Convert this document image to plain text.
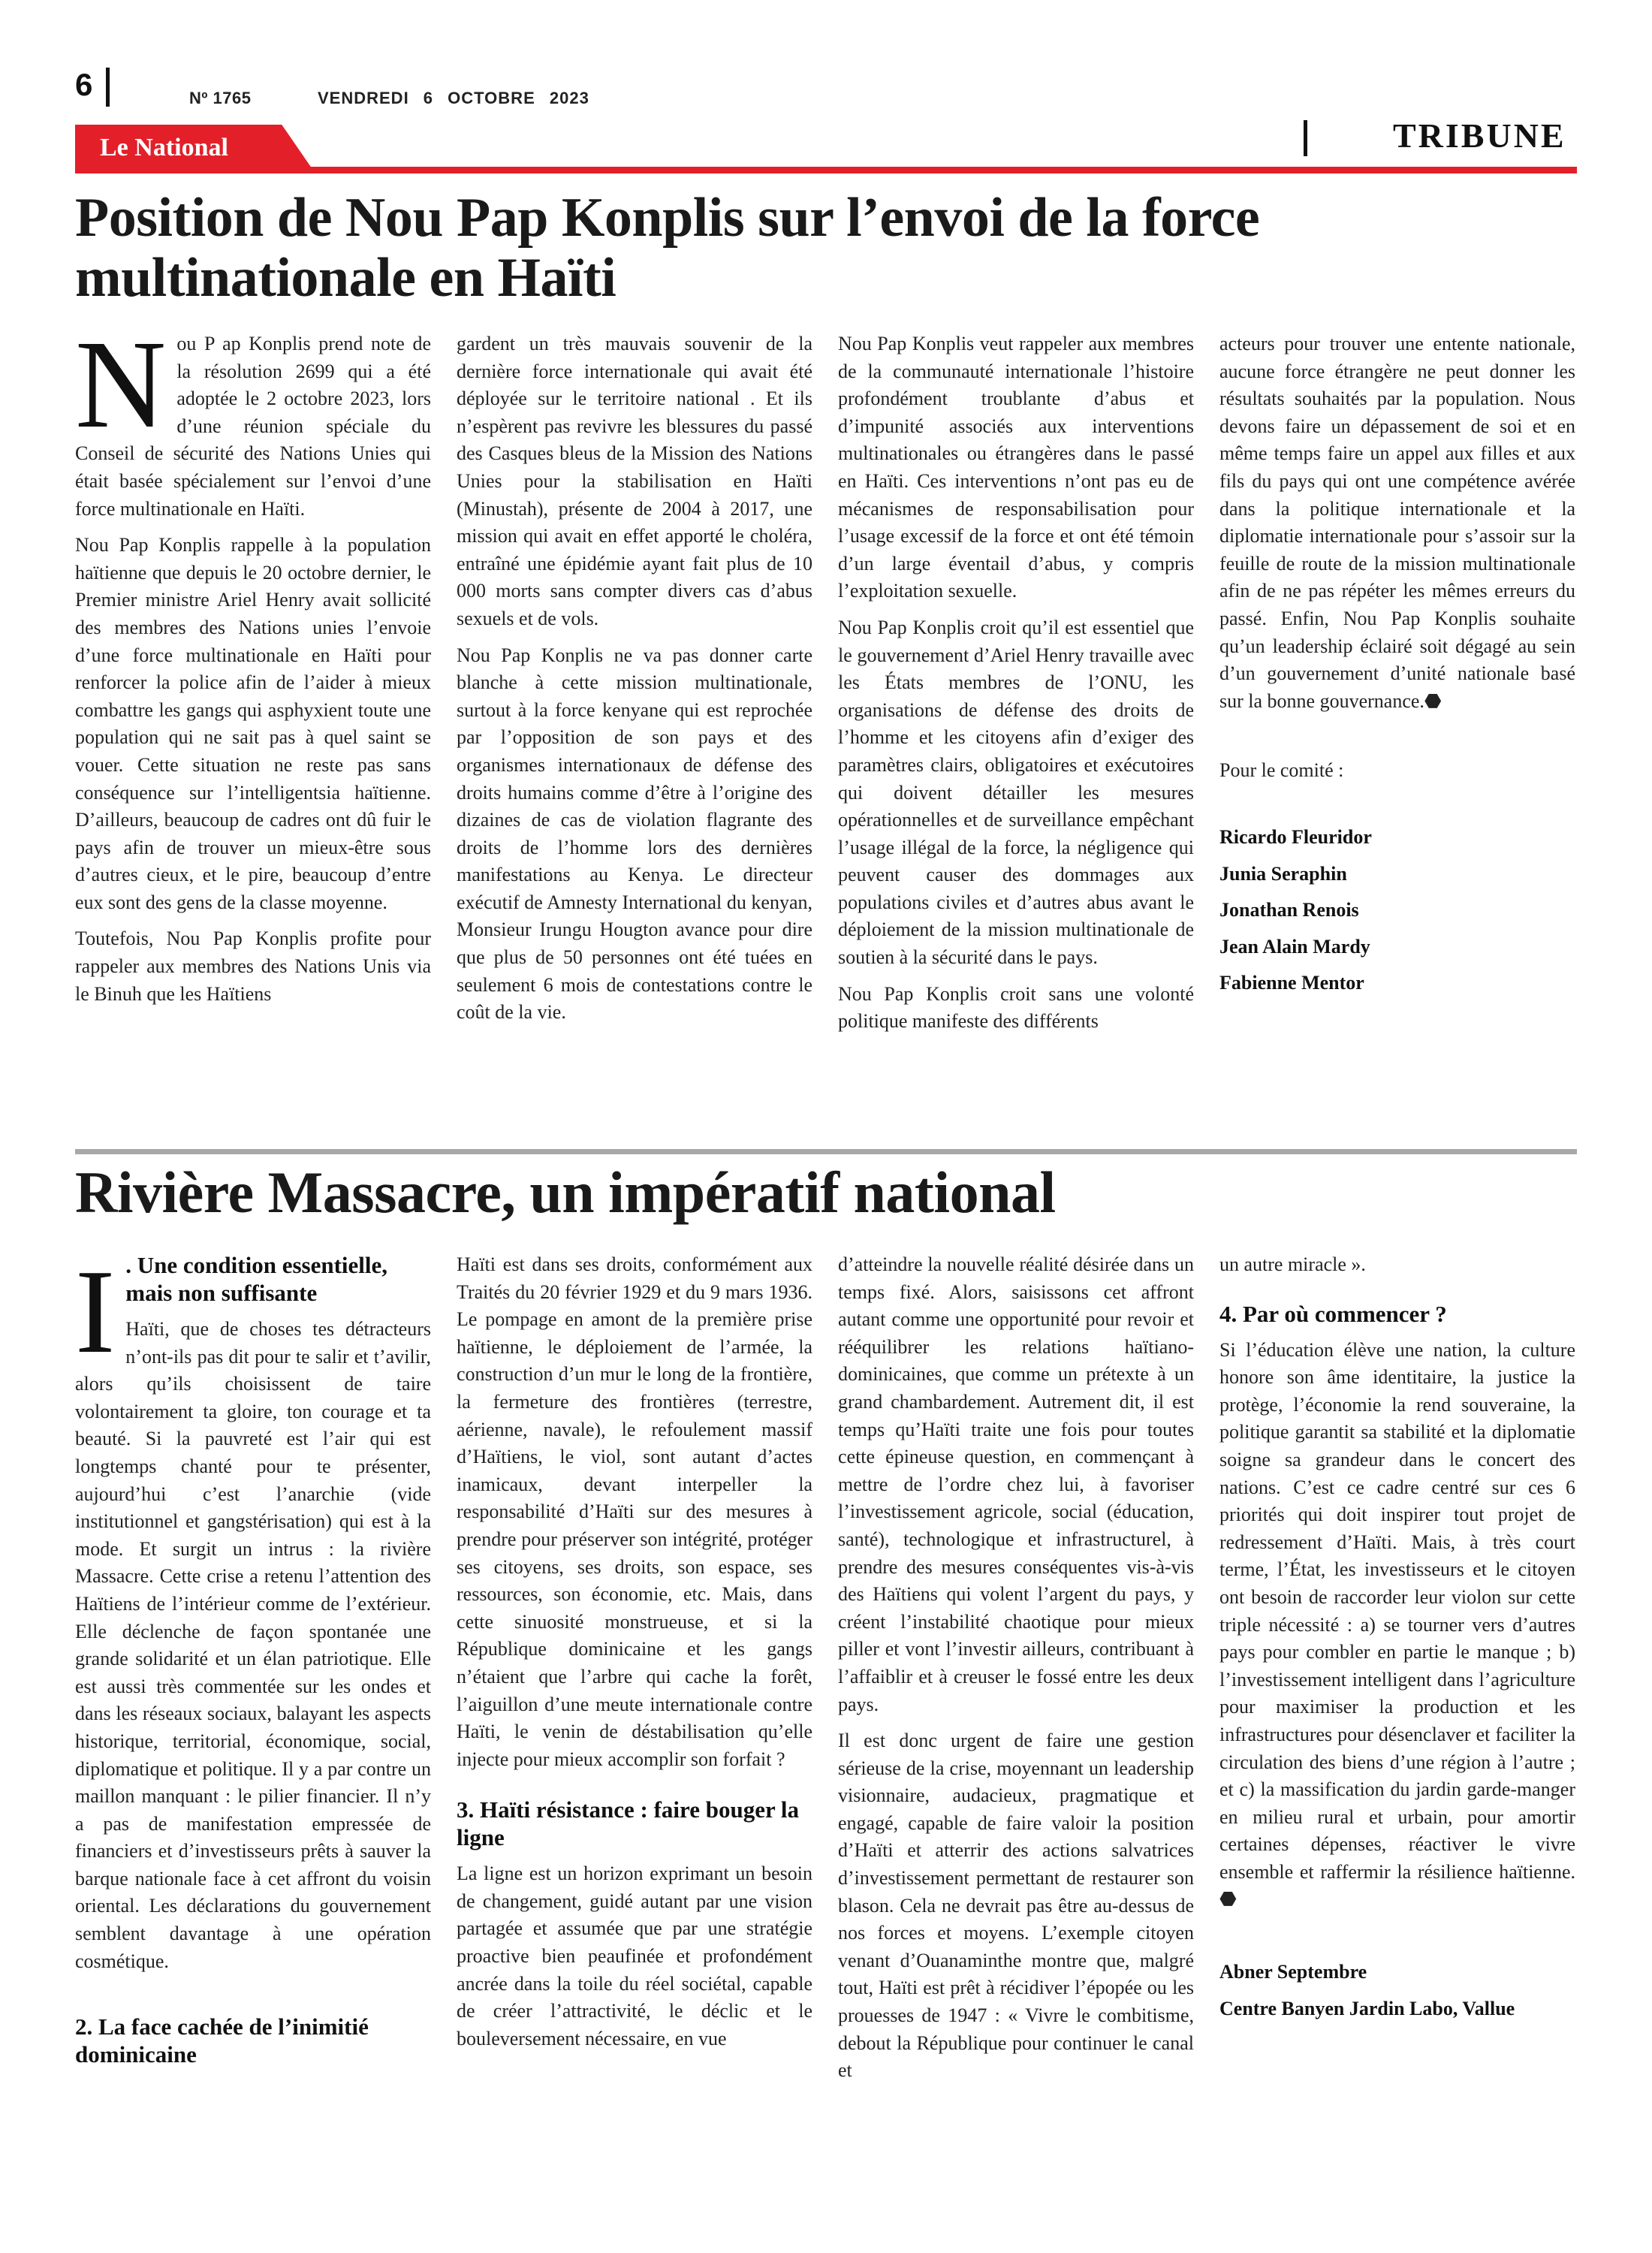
6	Nº 1765	VENDREDI 6 OCTOBRE 2023
Le National	TRIBUNE
Position de Nou Pap Konplis sur l’envoi de la force multinationale en Haïti
N ou P ap Konplis prend note de la résolution 2699 qui a été adoptée le 2 octobre 2023, lors d’une réunion spéciale du Conseil de sécurité des Nations Unies qui était basée spécialement sur l’envoi d’une force multinationale en Haïti.

Nou Pap Konplis rappelle à la population haïtienne que depuis le 20 octobre dernier, le Premier ministre Ariel Henry avait sollicité des membres des Nations unies l’envoie d’une force multinationale en Haïti pour renforcer la police afin de l’aider à mieux combattre les gangs qui asphyxient toute une population qui ne sait pas à quel saint se vouer. Cette situation ne reste pas sans conséquence sur l’intelligentsia haïtienne. D’ailleurs, beaucoup de cadres ont dû fuir le pays afin de trouver un mieux-être sous d’autres cieux, et le pire, beaucoup d’entre eux sont des gens de la classe moyenne.

Toutefois, Nou Pap Konplis profite pour rappeler aux membres des Nations Unis via le Binuh que les Haïtiens

gardent un très mauvais souvenir de la dernière force internationale qui avait été déployée sur le territoire national . Et ils n’espèrent pas revivre les blessures du passé des Casques bleus de la Mission des Nations Unies pour la stabilisation en Haïti (Minustah), présente de 2004 à 2017, une mission qui avait en effet apporté le choléra, entraîné une épidémie ayant fait plus de 10 000 morts sans compter divers cas d’abus sexuels et de vols.

Nou Pap Konplis ne va pas donner carte blanche à cette mission multinationale, surtout à la force kenyane qui est reprochée par l’opposition de son pays et des organismes internationaux de défense des droits humains comme d’être à l’origine des dizaines de cas de violation flagrante des droits de l’homme lors des dernières manifestations au Kenya. Le directeur exécutif de Amnesty International du kenyan, Monsieur Irungu Hougton avance pour dire que plus de 50 personnes ont été tuées en seulement 6 mois de contestations contre le coût de la vie.

Nou Pap Konplis veut rappeler aux membres de la communauté internationale l’histoire profondément troublante d’abus et d’impunité associés aux interventions multinationales ou étrangères dans le passé en Haïti. Ces interventions n’ont pas eu de mécanismes de responsabilisation pour l’usage excessif de la force et ont été témoin d’un large éventail d’abus, y compris l’exploitation sexuelle.

Nou Pap Konplis croit qu’il est essentiel que le gouvernement d’Ariel Henry travaille avec les États membres de l’ONU, les organisations de défense des droits de l’homme et les citoyens afin d’exiger des paramètres clairs, obligatoires et exécutoires qui doivent détailler les mesures opérationnelles et de surveillance empêchant l’usage illégal de la force, la négligence qui peuvent causer des dommages aux populations civiles et d’autres abus avant le déploiement de la mission multinationale de soutien à la sécurité dans le pays.

Nou Pap Konplis croit sans une volonté politique manifeste des différents

acteurs pour trouver une entente nationale, aucune force étrangère ne peut donner les résultats souhaités par la population. Nous devons faire un dépassement de soi et en même temps faire un appel aux filles et aux fils du pays qui ont une compétence avérée dans la politique internationale et la diplomatie internationale pour s’assoir sur la feuille de route de la mission multinationale afin de ne pas répéter les mêmes erreurs du passé. Enfin, Nou Pap Konplis souhaite qu’un leadership éclairé soit dégagé au sein d’un gouvernement d’unité nationale basé sur la bonne gouvernance.⬣

Pour le comité :

Ricardo Fleuridor

Junia Seraphin

Jonathan Renois

Jean Alain Mardy

Fabienne Mentor

Rivière Massacre, un impératif national
I . Une condition essentielle, mais non suffisante

Haïti, que de choses tes détracteurs n’ont-ils pas dit pour te salir et t’avilir, alors qu’ils choisissent de taire volontairement ta gloire, ton courage et ta beauté. Si la pauvreté est l’air qui est longtemps chanté pour te présenter, aujourd’hui c’est l’anarchie (vide institutionnel et gangstérisation) qui est à la mode. Et surgit un intrus : la rivière Massacre. Cette crise a retenu l’attention des Haïtiens de l’intérieur comme de l’extérieur. Elle déclenche de façon spontanée une grande solidarité et un élan patriotique. Elle est aussi très commentée sur les ondes et dans les réseaux sociaux, balayant les aspects historique, territorial, économique, social, diplomatique et politique. Il y a par contre un maillon manquant : le pilier financier. Il n’y a pas de manifestation empressée de financiers et d’investisseurs prêts à sauver la barque nationale face à cet affront du voisin oriental. Les déclarations du gouvernement semblent davantage à une opération cosmétique.

2. La face cachée de l’inimitié dominicaine

Haïti est dans ses droits, conformément aux Traités du 20 février 1929 et du 9 mars 1936. Le pompage en amont de la première prise haïtienne, le déploiement de l’armée, la construction d’un mur le long de la frontière, la fermeture des frontières (terrestre, aérienne, navale), le refoulement massif d’Haïtiens, le viol, sont autant d’actes inamicaux, devant interpeller la responsabilité d’Haïti sur des mesures à prendre pour préserver son intégrité, protéger ses citoyens, ses droits, son espace, ses ressources, son économie, etc. Mais, dans cette sinuosité monstrueuse, et si la République dominicaine et les gangs n’étaient que l’arbre qui cache la forêt, l’aiguillon d’une meute internationale contre Haïti, le venin de déstabilisation qu’elle injecte pour mieux accomplir son forfait ?

3. Haïti résistance : faire bouger la ligne

La ligne est un horizon exprimant un besoin de changement, guidé autant par une vision partagée et assumée que par une stratégie proactive bien peaufinée et profondément ancrée dans la toile du réel sociétal, capable de créer l’attractivité, le déclic et le bouleversement nécessaire, en vue

d’atteindre la nouvelle réalité désirée dans un temps fixé. Alors, saisissons cet affront autant comme une opportunité pour revoir et rééquilibrer les relations haïtiano-dominicaines, que comme un prétexte à un grand chambardement. Autrement dit, il est temps qu’Haïti traite une fois pour toutes cette épineuse question, en commençant à mettre de l’ordre chez lui, à favoriser l’investissement agricole, social (éducation, santé), technologique et infrastructurel, à prendre des mesures conséquentes vis-à-vis des Haïtiens qui volent l’argent du pays, y créent l’instabilité chaotique pour mieux piller et vont l’investir ailleurs, contribuant à l’affaiblir et à creuser le fossé entre les deux pays.

Il est donc urgent de faire une gestion sérieuse de la crise, moyennant un leadership visionnaire, audacieux, pragmatique et engagé, capable de faire valoir la position d’Haïti et atterrir des actions salvatrices d’investissement permettant de restaurer son blason. Cela ne devrait pas être au-dessus de nos forces et moyens. L’exemple citoyen venant d’Ouanaminthe montre que, malgré tout, Haïti est prêt à récidiver l’épopée ou les prouesses de 1947 : « Vivre le combitisme, debout la République pour continuer le canal et

un autre miracle ».

4. Par où commencer ?

Si l’éducation élève une nation, la culture honore son âme identitaire, la justice la protège, l’économie la rend souveraine, la politique garantit sa stabilité et la diplomatie soigne sa grandeur dans le concert des nations. C’est ce cadre centré sur ces 6 priorités qui doit inspirer tout projet de redressement d’Haïti. Mais, à très court terme, l’État, les investisseurs et le citoyen ont besoin de raccorder leur violon sur cette triple nécessité : a) se tourner vers d’autres pays pour combler en partie le manque ; b) l’investissement intelligent dans l’agriculture pour maximiser la production et les infrastructures pour désenclaver et faciliter la circulation des biens d’une région à l’autre ; et c) la massification du jardin garde-manger en milieu rural et urbain, pour amortir certaines dépenses, réactiver le vivre ensemble et raffermir la résilience haïtienne. ⬣

Abner Septembre

Centre Banyen Jardin Labo, Vallue
